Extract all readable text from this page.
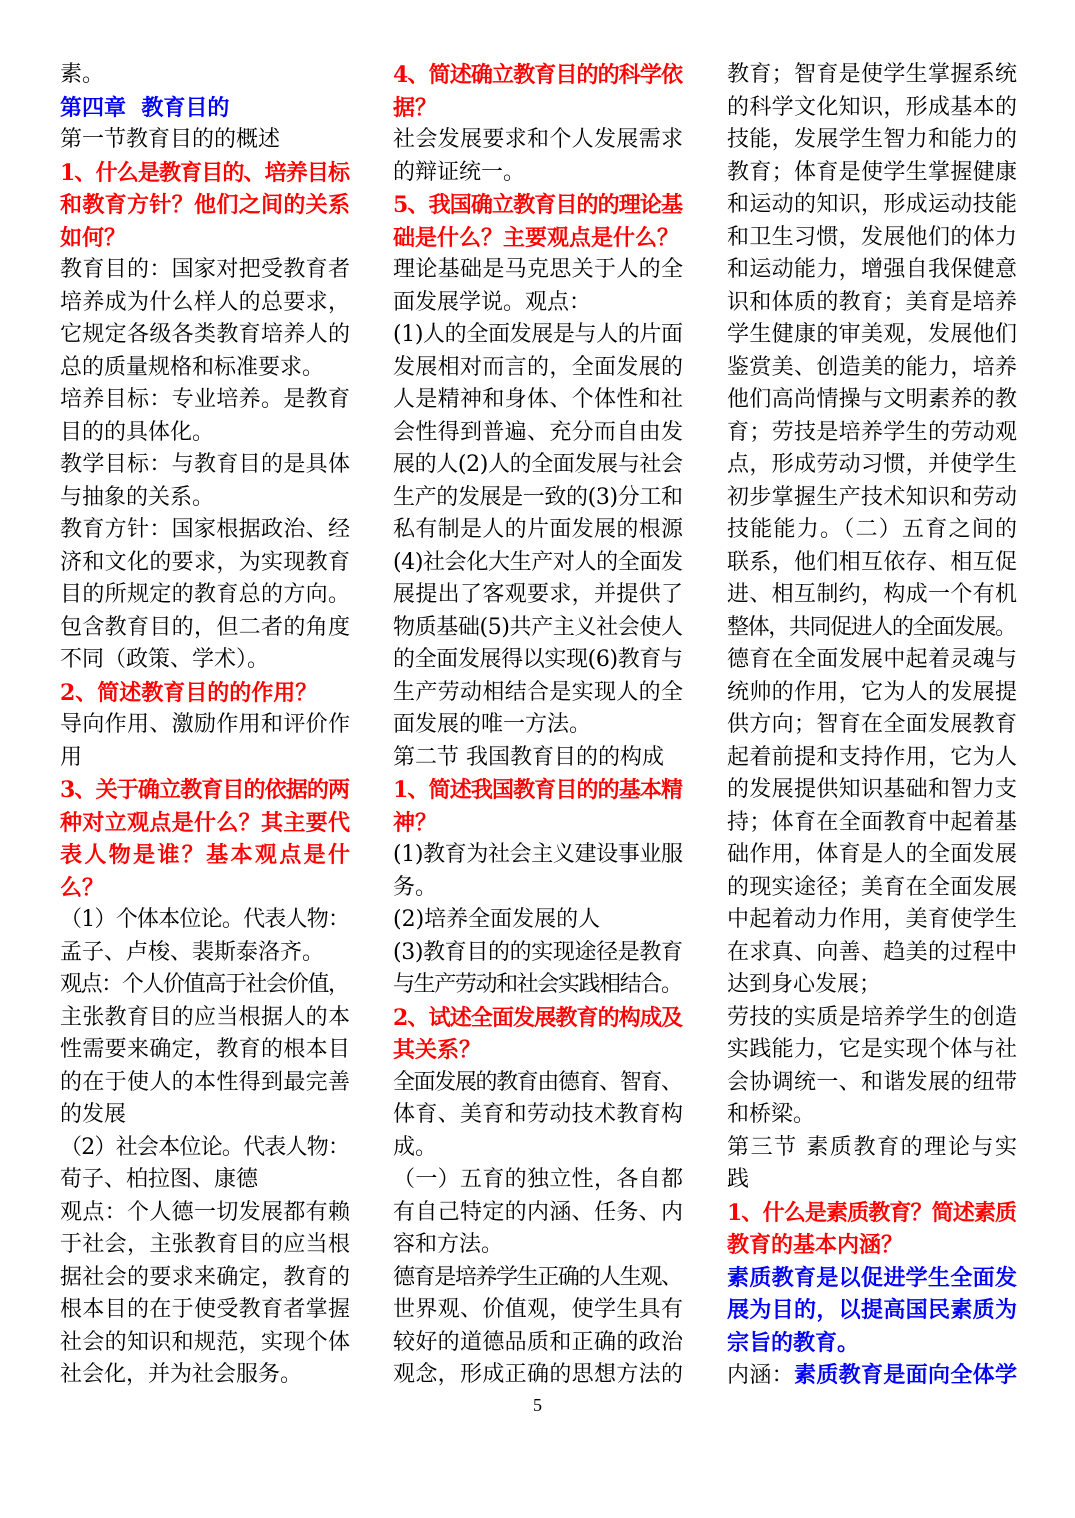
素。
第四章  教育目的
第一节教育目的的概述
1、什么是教育目的、培养目标
和教育方针？他们之间的关系
如何？
教育目的：国家对把受教育者
培养成为什么样人的总要求，
它规定各级各类教育培养人的
总的质量规格和标准要求。
培养目标：专业培养。是教育
目的的具体化。
教学目标：与教育目的是具体
与抽象的关系。
教育方针：国家根据政治、经
济和文化的要求，为实现教育
目的所规定的教育总的方向。
包含教育目的，但二者的角度
不同（政策、学术）。
2、简述教育目的的作用？
导向作用、激励作用和评价作
用
3、关于确立教育目的依据的两
种对立观点是什么？其主要代
表人物是谁？基本观点是什
么？
（1）个体本位论。代表人物：
孟子、卢梭、裴斯泰洛齐。
观点：个人价值高于社会价值，
主张教育目的应当根据人的本
性需要来确定，教育的根本目
的在于使人的本性得到最完善
的发展
（2）社会本位论。代表人物：
荀子、柏拉图、康德
观点：个人德一切发展都有赖
于社会，主张教育目的应当根
据社会的要求来确定，教育的
根本目的在于使受教育者掌握
社会的知识和规范，实现个体
社会化，并为社会服务。
4、简述确立教育目的的科学依
据？
社会发展要求和个人发展需求
的辩证统一。
5、我国确立教育目的的理论基
础是什么？主要观点是什么？
理论基础是马克思关于人的全
面发展学说。观点：
(1)人的全面发展是与人的片面
发展相对而言的，全面发展的
人是精神和身体、个体性和社
会性得到普遍、充分而自由发
展的人(2)人的全面发展与社会
生产的发展是一致的(3)分工和
私有制是人的片面发展的根源
(4)社会化大生产对人的全面发
展提出了客观要求，并提供了
物质基础(5)共产主义社会使人
的全面发展得以实现(6)教育与
生产劳动相结合是实现人的全
面发展的唯一方法。
第二节 我国教育目的的构成
1、简述我国教育目的的基本精
神？
(1)教育为社会主义建设事业服
务。
(2)培养全面发展的人
(3)教育目的的实现途径是教育
与生产劳动和社会实践相结合。
2、试述全面发展教育的构成及
其关系？
全面发展的教育由德育、智育、
体育、美育和劳动技术教育构
成。
（一）五育的独立性，各自都
有自己特定的内涵、任务、内
容和方法。
德育是培养学生正确的人生观、
世界观、价值观，使学生具有
较好的道德品质和正确的政治
观念，形成正确的思想方法的
教育；智育是使学生掌握系统
的科学文化知识，形成基本的
技能，发展学生智力和能力的
教育；体育是使学生掌握健康
和运动的知识，形成运动技能
和卫生习惯，发展他们的体力
和运动能力，增强自我保健意
识和体质的教育；美育是培养
学生健康的审美观，发展他们
鉴赏美、创造美的能力，培养
他们高尚情操与文明素养的教
育；劳技是培养学生的劳动观
点，形成劳动习惯，并使学生
初步掌握生产技术知识和劳动
技能能力。（二）五育之间的
联系，他们相互依存、相互促
进、相互制约，构成一个有机
整体，共同促进人的全面发展。
德育在全面发展中起着灵魂与
统帅的作用，它为人的发展提
供方向；智育在全面发展教育
起着前提和支持作用，它为人
的发展提供知识基础和智力支
持；体育在全面教育中起着基
础作用，体育是人的全面发展
的现实途径；美育在全面发展
中起着动力作用，美育使学生
在求真、向善、趋美的过程中
达到身心发展；
劳技的实质是培养学生的创造
实践能力，它是实现个体与社
会协调统一、和谐发展的纽带
和桥梁。
第三节 素质教育的理论与实
践
1、什么是素质教育？简述素质
教育的基本内涵？
素质教育是以促进学生全面发
展为目的，以提高国民素质为
宗旨的教育。
内涵：素质教育是面向全体学
5
